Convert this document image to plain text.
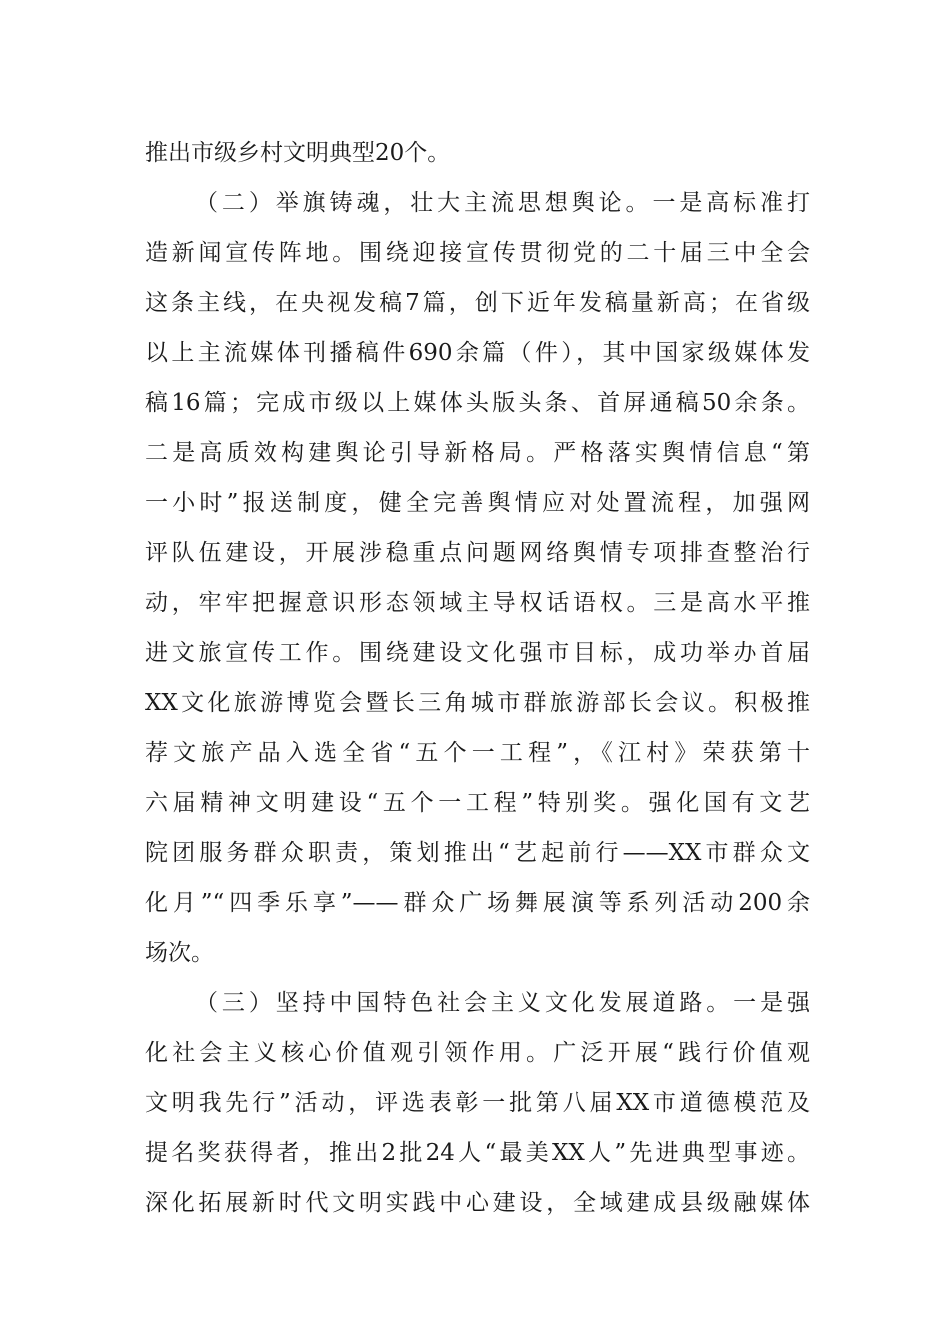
推出市级乡村文明典型20个。
（二）举旗铸魂，壮大主流思想舆论。一是高标准打
造新闻宣传阵地。围绕迎接宣传贯彻党的二十届三中全会
这条主线，在央视发稿7篇，创下近年发稿量新高；在省级
以上主流媒体刊播稿件690余篇（件），其中国家级媒体发
稿16篇；完成市级以上媒体头版头条、首屏通稿50余条。
二是高质效构建舆论引导新格局。严格落实舆情信息“第
一小时”报送制度，健全完善舆情应对处置流程，加强网
评队伍建设，开展涉稳重点问题网络舆情专项排查整治行
动，牢牢把握意识形态领域主导权话语权。三是高水平推
进文旅宣传工作。围绕建设文化强市目标，成功举办首届
XX文化旅游博览会暨长三角城市群旅游部长会议。积极推
荐文旅产品入选全省“五个一工程”，《江村》荣获第十
六届精神文明建设“五个一工程”特别奖。强化国有文艺
院团服务群众职责，策划推出“艺起前行——XX市群众文
化月”“四季乐享”——群众广场舞展演等系列活动200余
场次。
（三）坚持中国特色社会主义文化发展道路。一是强
化社会主义核心价值观引领作用。广泛开展“践行价值观
文明我先行”活动，评选表彰一批第八届XX市道德模范及
提名奖获得者，推出2批24人“最美XX人”先进典型事迹。
深化拓展新时代文明实践中心建设，全域建成县级融媒体
